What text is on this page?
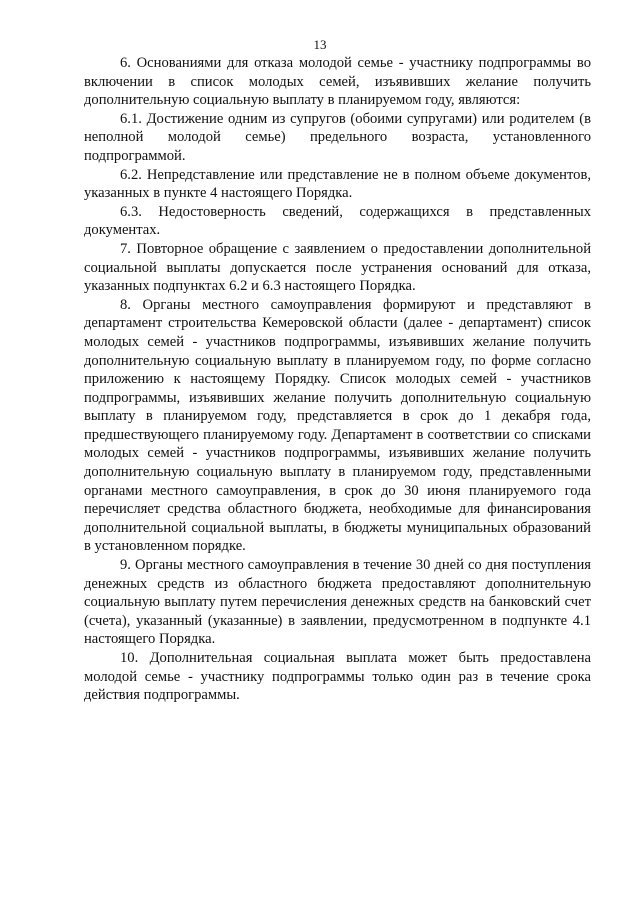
13

6. Основаниями для отказа молодой семье - участнику подпрограммы во включении в список молодых семей, изъявивших желание получить дополнительную социальную выплату в планируемом году, являются:

6.1. Достижение одним из супругов (обоими супругами) или родителем (в неполной молодой семье) предельного возраста, установленного подпрограммой.

6.2. Непредставление или представление не в полном объеме документов, указанных в пункте 4 настоящего Порядка.

6.3. Недостоверность сведений, содержащихся в представленных документах.

7. Повторное обращение с заявлением о предоставлении дополнительной социальной выплаты допускается после устранения оснований для отказа, указанных подпунктах 6.2 и 6.3 настоящего Порядка.

8. Органы местного самоуправления формируют и представляют в департамент строительства Кемеровской области (далее - департамент) список молодых семей - участников подпрограммы, изъявивших желание получить дополнительную социальную выплату в планируемом году, по форме согласно приложению к настоящему Порядку. Список молодых семей - участников подпрограммы, изъявивших желание получить дополнительную социальную выплату в планируемом году, представляется в срок до 1 декабря года, предшествующего планируемому году. Департамент в соответствии со списками молодых семей - участников подпрограммы, изъявивших желание получить дополнительную социальную выплату в планируемом году, представленными органами местного самоуправления, в срок до 30 июня планируемого года перечисляет средства областного бюджета, необходимые для финансирования дополнительной социальной выплаты, в бюджеты муниципальных образований в установленном порядке.

9. Органы местного самоуправления в течение 30 дней со дня поступления денежных средств из областного бюджета предоставляют дополнительную социальную выплату путем перечисления денежных средств на банковский счет (счета), указанный (указанные) в заявлении, предусмотренном в подпункте 4.1 настоящего Порядка.

10. Дополнительная социальная выплата может быть предоставлена молодой семье - участнику подпрограммы только один раз в течение срока действия подпрограммы.
